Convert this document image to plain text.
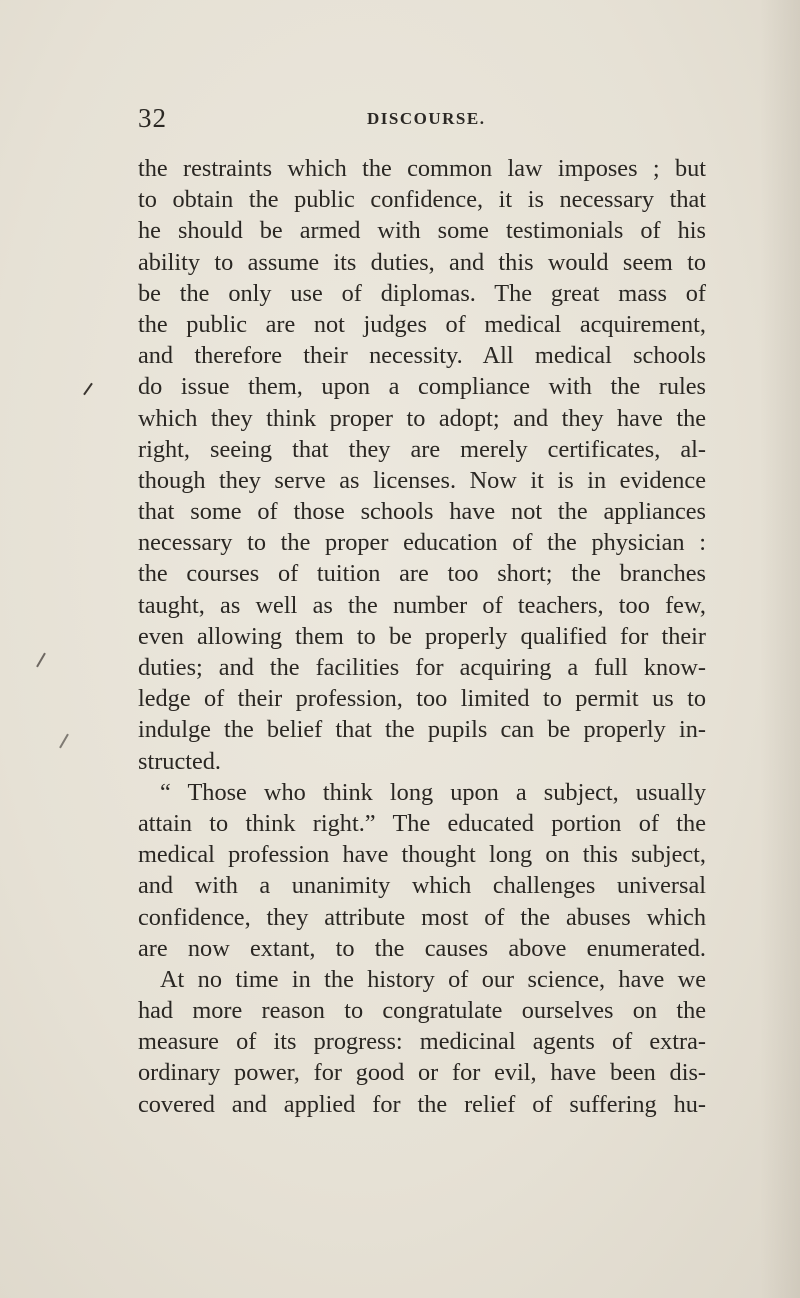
32	DISCOURSE.
the restraints which the common law imposes ; but
to obtain the public confidence, it is necessary that
he should be armed with some testimonials of his
ability to assume its duties, and this would seem to
be the only use of diplomas. The great mass of
the public are not judges of medical acquirement,
and therefore their necessity. All medical schools
do issue them, upon a compliance with the rules
which they think proper to adopt; and they have the
right, seeing that they are merely certificates, al-
though they serve as licenses. Now it is in evidence
that some of those schools have not the appliances
necessary to the proper education of the physician :
the courses of tuition are too short; the branches
taught, as well as the number of teachers, too few,
even allowing them to be properly qualified for their
duties; and the facilities for acquiring a full know-
ledge of their profession, too limited to permit us to
indulge the belief that the pupils can be properly in-
structed.
“ Those who think long upon a subject, usually
attain to think right.” The educated portion of the
medical profession have thought long on this subject,
and with a unanimity which challenges universal
confidence, they attribute most of the abuses which
are now extant, to the causes above enumerated.
At no time in the history of our science, have we
had more reason to congratulate ourselves on the
measure of its progress: medicinal agents of extra-
ordinary power, for good or for evil, have been dis-
covered and applied for the relief of suffering hu-
